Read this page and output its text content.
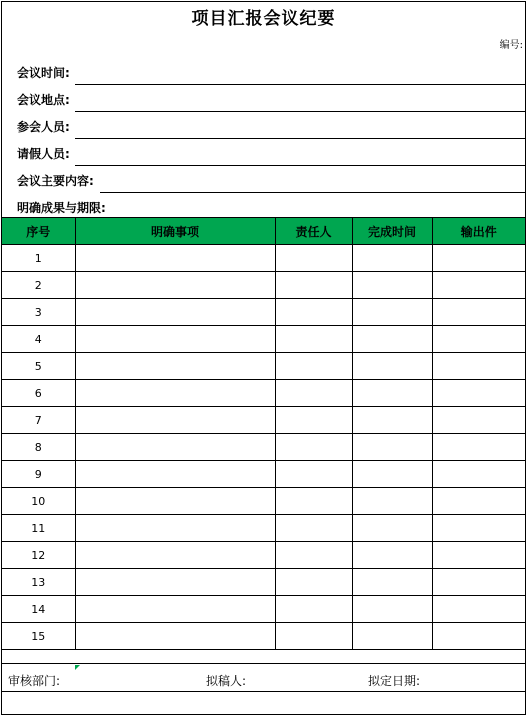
项目汇报会议纪要
编号:
会议时间:
会议地点:
参会人员:
请假人员:
会议主要内容:
明确成果与期限:
序号	明确事项	责任人	完成时间	输出件
1				
2				
3				
4				
5				
6				
7				
8				
9				
10				
11				
12				
13				
14				
15				
审核部门:	拟稿人:	拟定日期:
